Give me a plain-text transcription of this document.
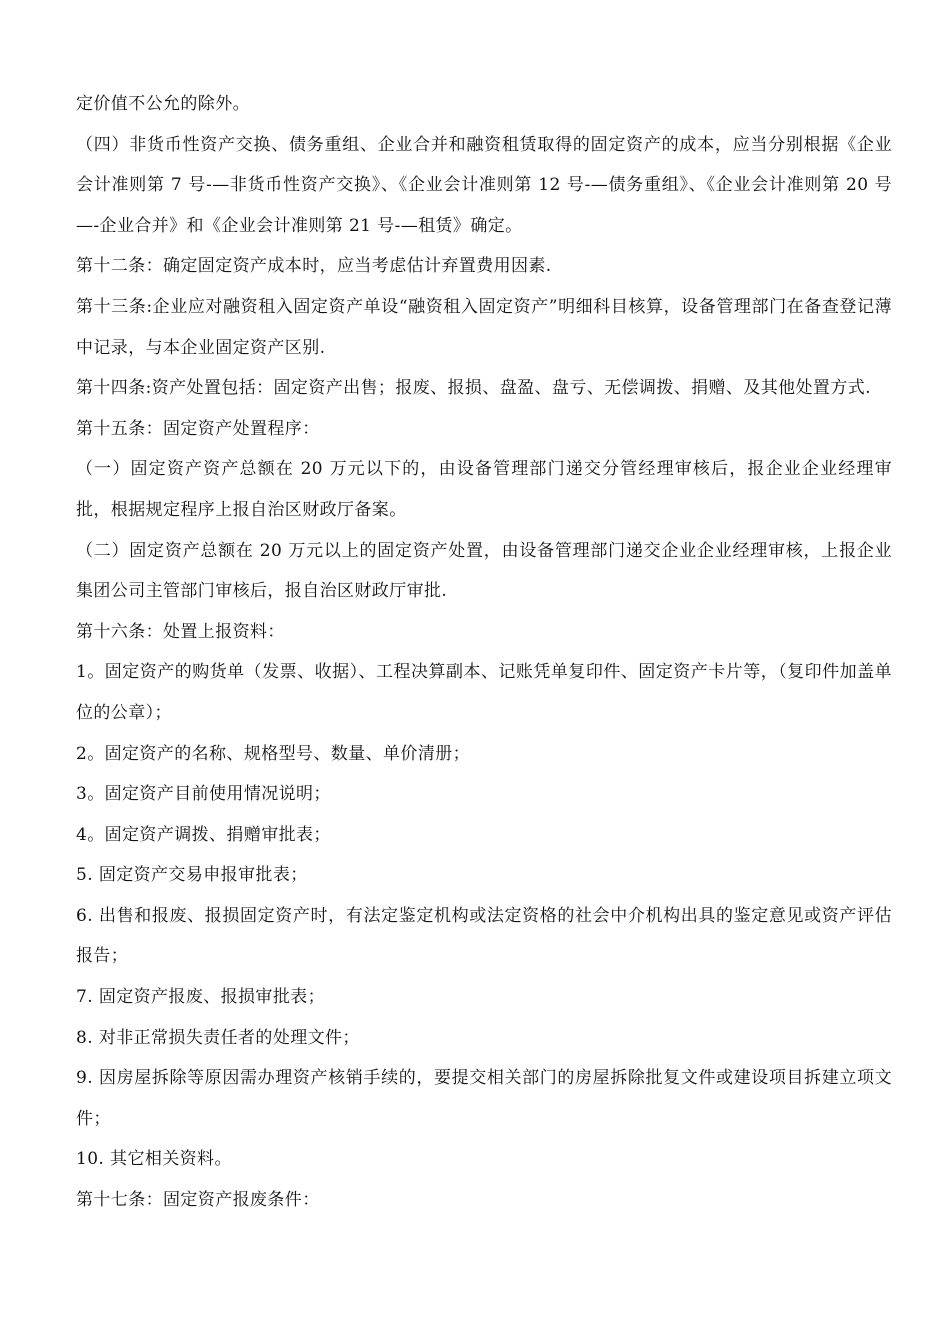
定价值不公允的除外。

（四）非货币性资产交换、债务重组、企业合并和融资租赁取得的固定资产的成本，应当分别根据《企业会计准则第 7 号-—非货币性资产交换》、《企业会计准则第 12 号-—债务重组》、《企业会计准则第 20 号—-企业合并》和《企业会计准则第 21 号-—租赁》确定。

第十二条：确定固定资产成本时，应当考虑估计弃置费用因素.

第十三条:企业应对融资租入固定资产单设“融资租入固定资产”明细科目核算，设备管理部门在备查登记薄中记录，与本企业固定资产区别.

第十四条:资产处置包括：固定资产出售；报废、报损、盘盈、盘亏、无偿调拨、捐赠、及其他处置方式.

第十五条：固定资产处置程序：

（一）固定资产资产总额在 20 万元以下的，由设备管理部门递交分管经理审核后，报企业企业经理审批，根据规定程序上报自治区财政厅备案。

（二）固定资产总额在 20 万元以上的固定资产处置，由设备管理部门递交企业企业经理审核，上报企业集团公司主管部门审核后，报自治区财政厅审批.

第十六条：处置上报资料：

1。固定资产的购货单（发票、收据）、工程决算副本、记账凭单复印件、固定资产卡片等，（复印件加盖单位的公章）；

2。固定资产的名称、规格型号、数量、单价清册；

3。固定资产目前使用情况说明；

4。固定资产调拨、捐赠审批表；

5. 固定资产交易申报审批表；

6. 出售和报废、报损固定资产时，有法定鉴定机构或法定资格的社会中介机构出具的鉴定意见或资产评估报告；

7. 固定资产报废、报损审批表；

8. 对非正常损失责任者的处理文件；

9. 因房屋拆除等原因需办理资产核销手续的，要提交相关部门的房屋拆除批复文件或建设项目拆建立项文件；

10. 其它相关资料。

第十七条：固定资产报废条件：
